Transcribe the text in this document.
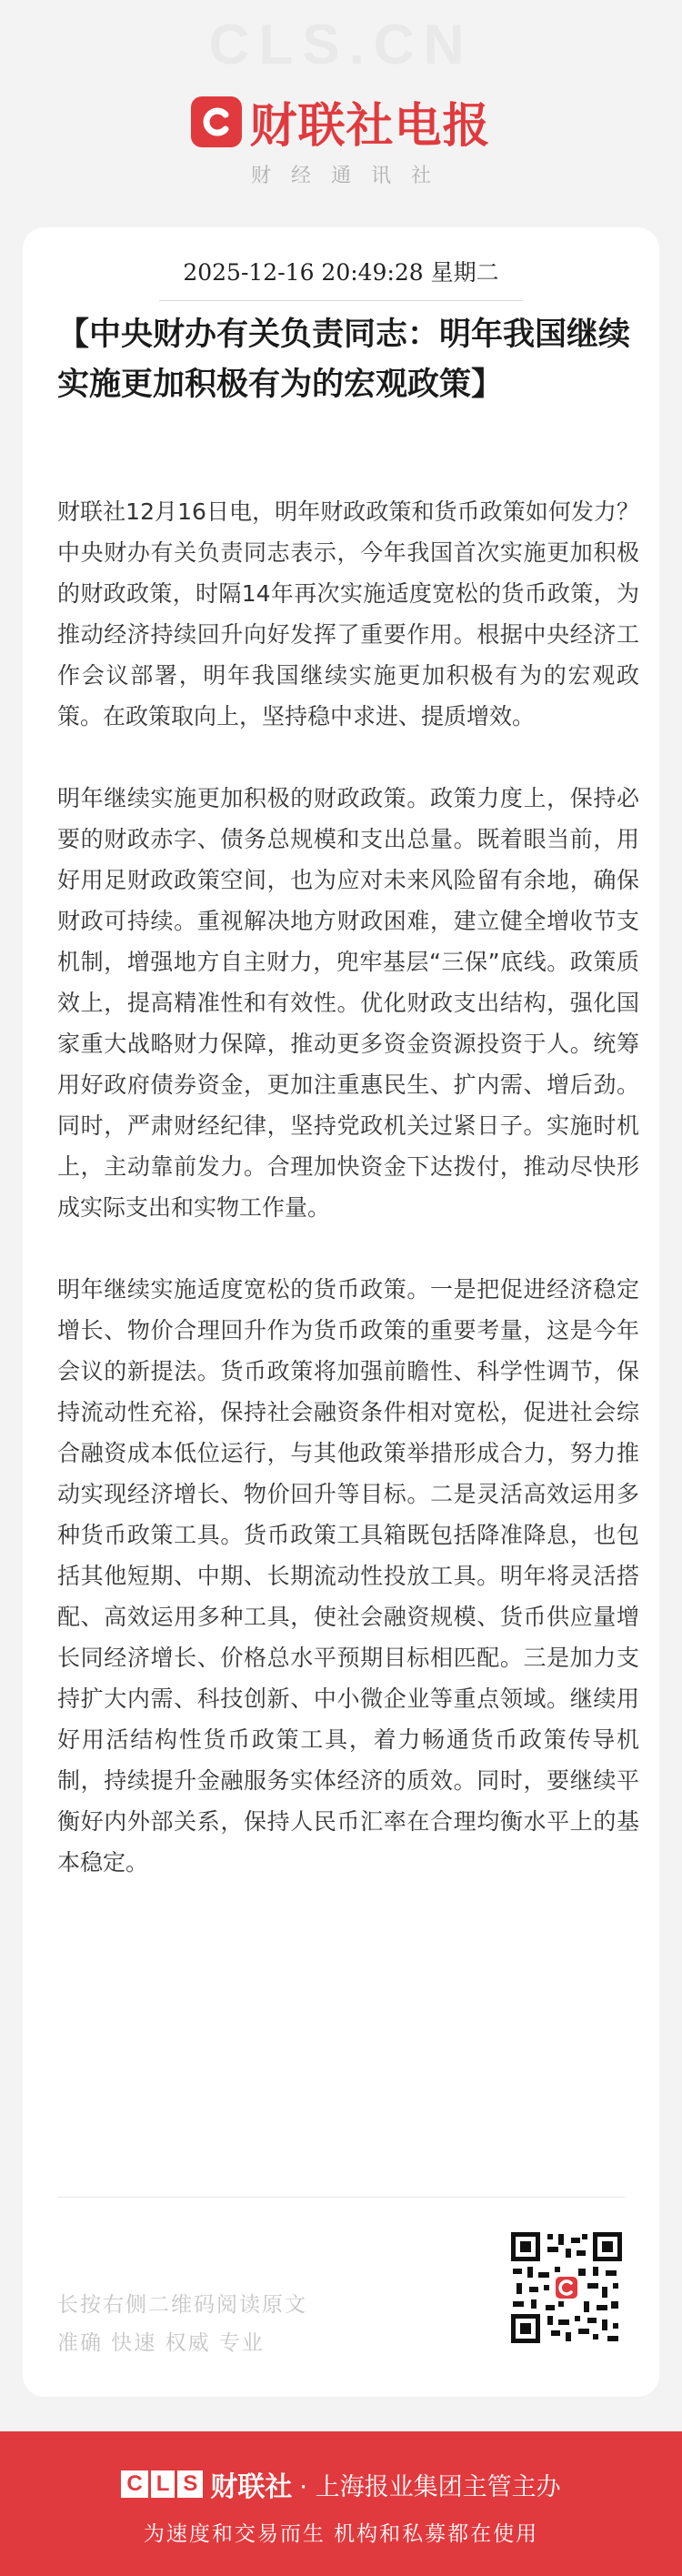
CLS.CN
财联社电报
财经通讯社
2025-12-16 20:49:28 星期二
【中央财办有关负责同志：明年我国继续实施更加积极有为的宏观政策】

财联社12月16日电，明年财政政策和货币政策如何发力？中央财办有关负责同志表示，今年我国首次实施更加积极的财政政策，时隔14年再次实施适度宽松的货币政策，为推动经济持续回升向好发挥了重要作用。根据中央经济工作会议部署，明年我国继续实施更加积极有为的宏观政策。在政策取向上，坚持稳中求进、提质增效。

明年继续实施更加积极的财政政策。政策力度上，保持必要的财政赤字、债务总规模和支出总量。既着眼当前，用好用足财政政策空间，也为应对未来风险留有余地，确保财政可持续。重视解决地方财政困难，建立健全增收节支机制，增强地方自主财力，兜牢基层“三保”底线。政策质效上，提高精准性和有效性。优化财政支出结构，强化国家重大战略财力保障，推动更多资金资源投资于人。统筹用好政府债券资金，更加注重惠民生、扩内需、增后劲。同时，严肃财经纪律，坚持党政机关过紧日子。实施时机上，主动靠前发力。合理加快资金下达拨付，推动尽快形成实际支出和实物工作量。

明年继续实施适度宽松的货币政策。一是把促进经济稳定增长、物价合理回升作为货币政策的重要考量，这是今年会议的新提法。货币政策将加强前瞻性、科学性调节，保持流动性充裕，保持社会融资条件相对宽松，促进社会综合融资成本低位运行，与其他政策举措形成合力，努力推动实现经济增长、物价回升等目标。二是灵活高效运用多种货币政策工具。货币政策工具箱既包括降准降息，也包括其他短期、中期、长期流动性投放工具。明年将灵活搭配、高效运用多种工具，使社会融资规模、货币供应量增长同经济增长、价格总水平预期目标相匹配。三是加力支持扩大内需、科技创新、中小微企业等重点领域。继续用好用活结构性货币政策工具，着力畅通货币政策传导机制，持续提升金融服务实体经济的质效。同时，要继续平衡好内外部关系，保持人民币汇率在合理均衡水平上的基本稳定。

长按右侧二维码阅读原文
准确 快速 权威 专业
C L S 财联社 · 上海报业集团主管主办
为速度和交易而生 机构和私募都在使用
